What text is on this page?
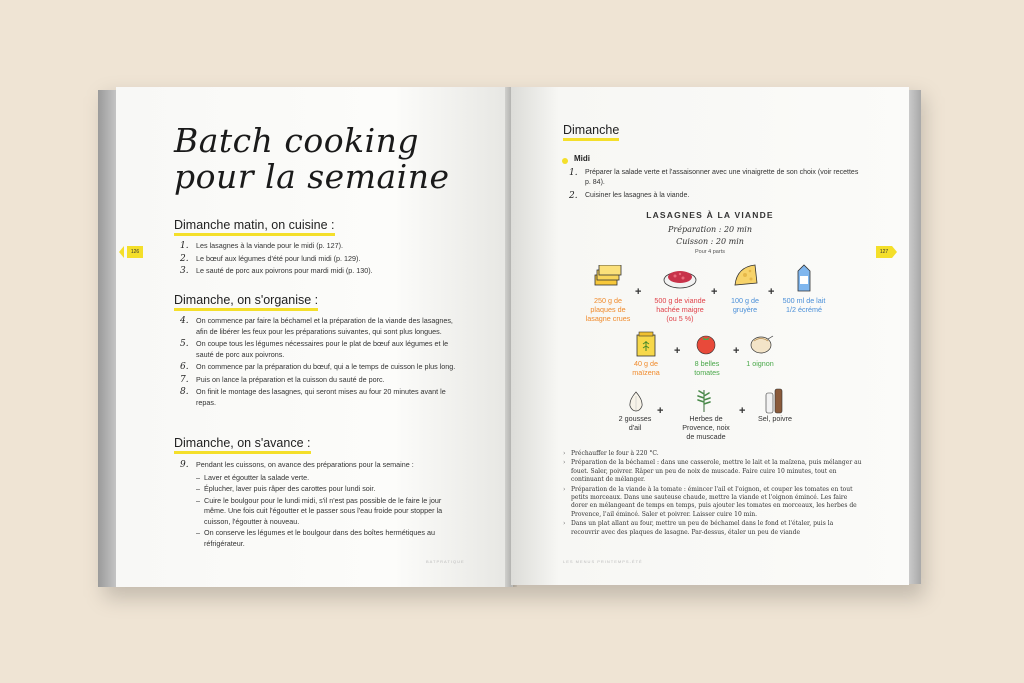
Batch cooking
pour la semaine
Dimanche matin, on cuisine :
1.	Les lasagnes à la viande pour le midi (p. 127).
2.	Le bœuf aux légumes d'été pour lundi midi (p. 129).
3.	Le sauté de porc aux poivrons pour mardi midi (p. 130).
Dimanche, on s'organise :
4.	On commence par faire la béchamel et la préparation de la viande des lasagnes, afin de libérer les feux pour les préparations suivantes, qui sont plus longues.
5.	On coupe tous les légumes nécessaires pour le plat de bœuf aux légumes et le sauté de porc aux poivrons.
6.	On commence par la préparation du bœuf, qui a le temps de cuisson le plus long.
7.	Puis on lance la préparation et la cuisson du sauté de porc.
8.	On finit le montage des lasagnes, qui seront mises au four 20 minutes avant le repas.
Dimanche, on s'avance :
9.	Pendant les cuissons, on avance des préparations pour la semaine :
– Laver et égoutter la salade verte.
– Éplucher, laver puis râper des carottes pour lundi soir.
– Cuire le boulgour pour le lundi midi, s'il n'est pas possible de le faire le jour même. Une fois cuit l'égoutter et le passer sous l'eau froide pour stopper la cuisson, l'égoutter à nouveau.
– On conserve les légumes et le boulgour dans des boîtes hermétiques au réfrigérateur.
BATPRATIQUE
126
Dimanche
Midi
1.	Préparer la salade verte et l'assaisonner avec une vinaigrette de son choix (voir recettes p. 84).
2.	Cuisiner les lasagnes à la viande.
LASAGNES À LA VIANDE
Préparation : 20 min
Cuisson : 20 min
Pour 4 parts
250 g de
plaques de
lasagne crues
500 g de viande
hachée maigre
(ou 5 %)
100 g de
gruyère
500 ml de lait
1/2 écrémé
+	+	+
40 g de
maïzena
8 belles
tomates
1 oignon
+	+
2 gousses
d'ail
Herbes de
Provence, noix
de muscade
Sel, poivre
+	+
› Préchauffer le four à 220 °C.
› Préparation de la béchamel : dans une casserole, mettre le lait et la maïzena, puis mélanger au fouet. Saler, poivrer. Râper un peu de noix de muscade. Faire cuire 10 minutes, tout en continuant de mélanger.
› Préparation de la viande à la tomate : émincer l'ail et l'oignon, et couper les tomates en tout petits morceaux. Dans une sauteuse chaude, mettre la viande et l'oignon émincé. Les faire dorer en mélangeant de temps en temps, puis ajouter les tomates en morceaux, les herbes de Provence, l'ail émincé. Saler et poivrer. Laisser cuire 10 min.
› Dans un plat allant au four, mettre un peu de béchamel dans le fond et l'étaler, puis la recouvrir avec des plaques de lasagne. Par-dessus, étaler un peu de viande
LES MENUS PRINTEMPS-ÉTÉ
127
